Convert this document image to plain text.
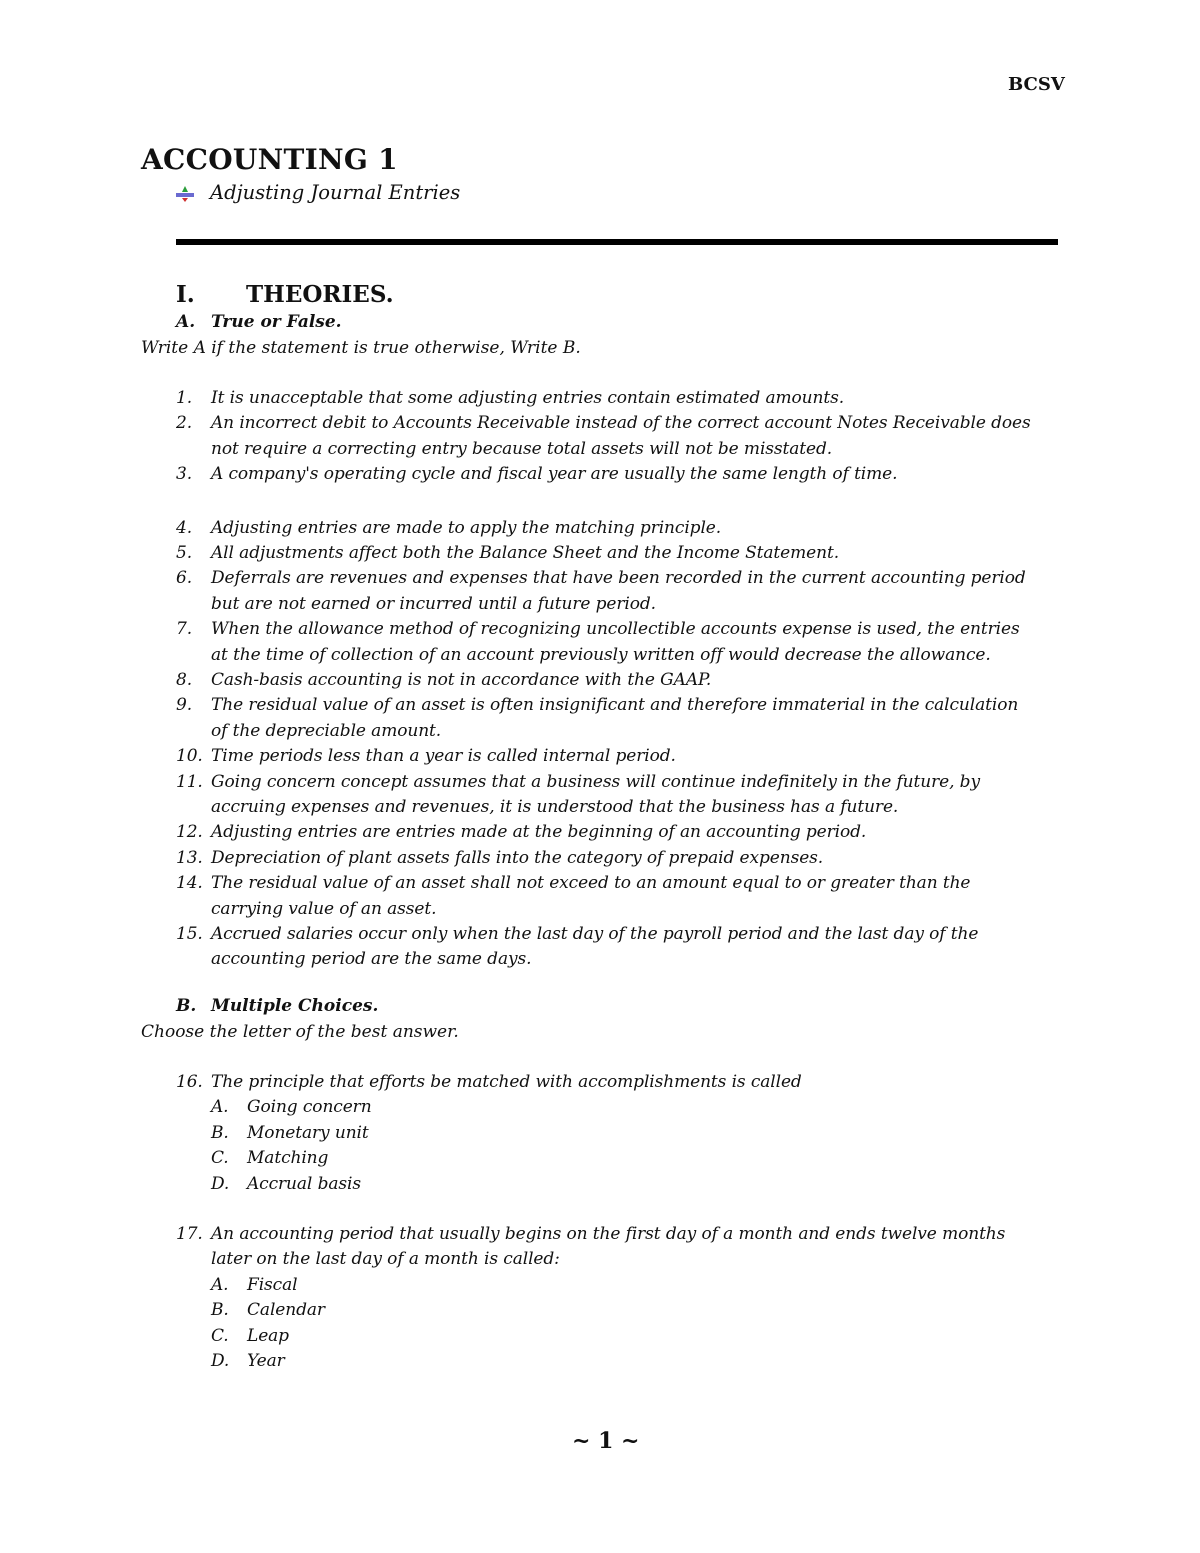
BCSV
ACCOUNTING 1
Adjusting Journal Entries
I. THEORIES.
A. True or False.
Write A if the statement is true otherwise, Write B.
1. It is unacceptable that some adjusting entries contain estimated amounts.
2. An incorrect debit to Accounts Receivable instead of the correct account Notes Receivable does
not require a correcting entry because total assets will not be misstated.
3. A company's operating cycle and fiscal year are usually the same length of time.
4. Adjusting entries are made to apply the matching principle.
5. All adjustments affect both the Balance Sheet and the Income Statement.
6. Deferrals are revenues and expenses that have been recorded in the current accounting period
but are not earned or incurred until a future period.
7. When the allowance method of recognizing uncollectible accounts expense is used, the entries
at the time of collection of an account previously written off would decrease the allowance.
8. Cash-basis accounting is not in accordance with the GAAP.
9. The residual value of an asset is often insignificant and therefore immaterial in the calculation
of the depreciable amount.
10. Time periods less than a year is called internal period.
11. Going concern concept assumes that a business will continue indefinitely in the future, by
accruing expenses and revenues, it is understood that the business has a future.
12. Adjusting entries are entries made at the beginning of an accounting period.
13. Depreciation of plant assets falls into the category of prepaid expenses.
14. The residual value of an asset shall not exceed to an amount equal to or greater than the
carrying value of an asset.
15. Accrued salaries occur only when the last day of the payroll period and the last day of the
accounting period are the same days.
B. Multiple Choices.
Choose the letter of the best answer.
16. The principle that efforts be matched with accomplishments is called
A. Going concern
B. Monetary unit
C. Matching
D. Accrual basis
17. An accounting period that usually begins on the first day of a month and ends twelve months
later on the last day of a month is called:
A. Fiscal
B. Calendar
C. Leap
D. Year
~ 1 ~
